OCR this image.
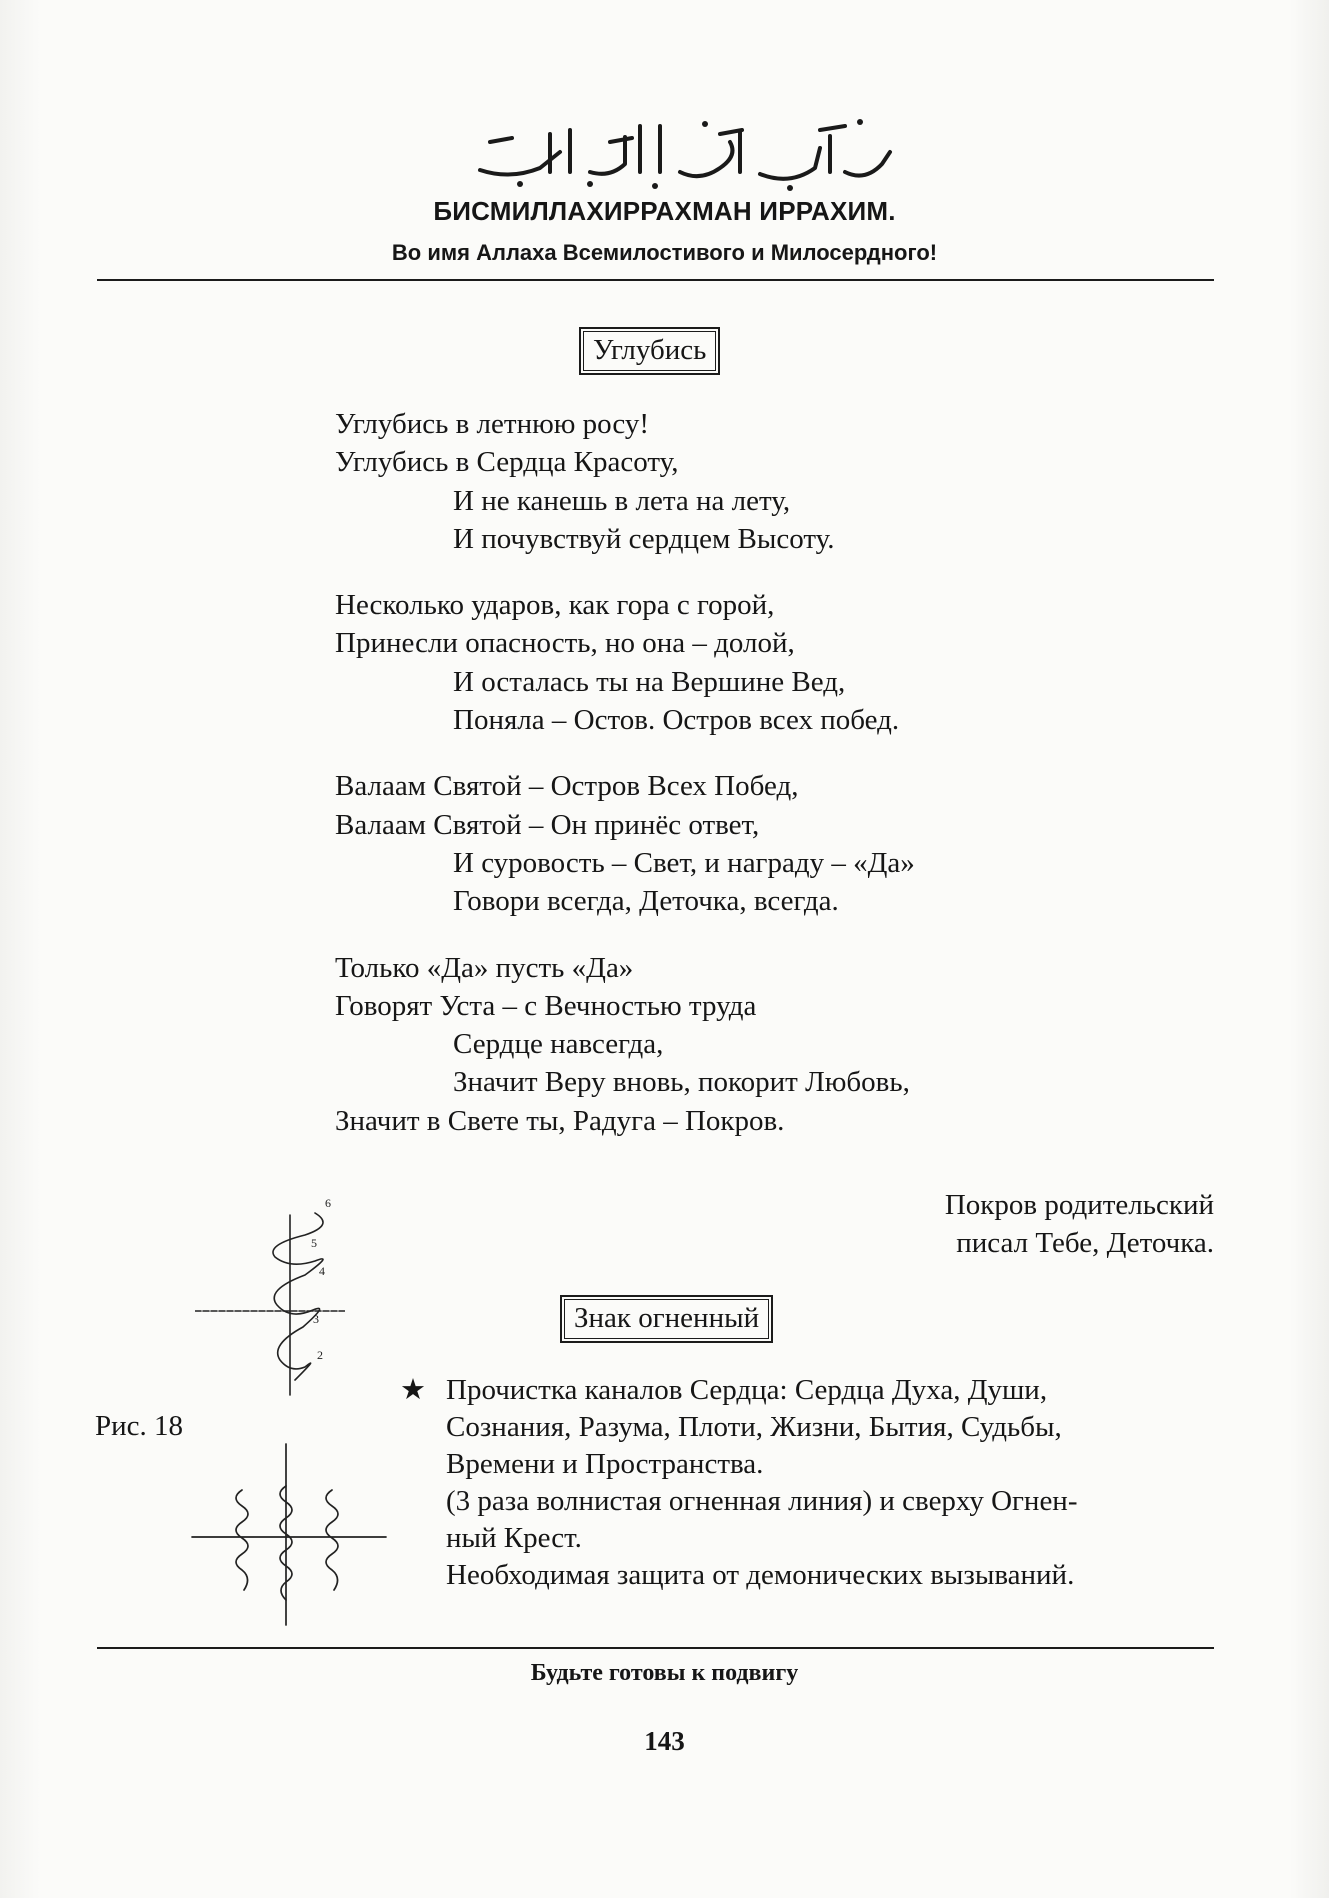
БИСМИЛЛАХИРРАХМАН ИРРАХИМ.
Во имя Аллаха Всемилостивого и Милосердного!
Углубись
Углубись в летнюю росу!
Углубись в Сердца Красоту,
И не канешь в лета на лету,
И почувствуй сердцем Высоту.
Несколько ударов, как гора с горой,
Принесли опасность, но она – долой,
И осталась ты на Вершине Вед,
Поняла – Остов. Остров всех побед.
Валаам Святой – Остров Всех Побед,
Валаам Святой – Он принёс ответ,
И суровость – Свет, и награду – «Да»
Говори всегда, Деточка, всегда.
Только «Да» пусть «Да»
Говорят Уста – с Вечностью труда
Сердце навсегда,
Значит Веру вновь, покорит Любовь,
Значит в Свете ты, Радуга – Покров.
Покров родительский
писал Тебе, Деточка.
6
5
4
3
2
Рис. 18
Знак огненный
★ Прочистка каналов Сердца: Сердца Духа, Души,
Сознания, Разума, Плоти, Жизни, Бытия, Судьбы,
Времени и Пространства.
(3 раза волнистая огненная линия) и сверху Огнен-
ный Крест.
Необходимая защита от демонических вызываний.
Будьте готовы к подвигу
143
